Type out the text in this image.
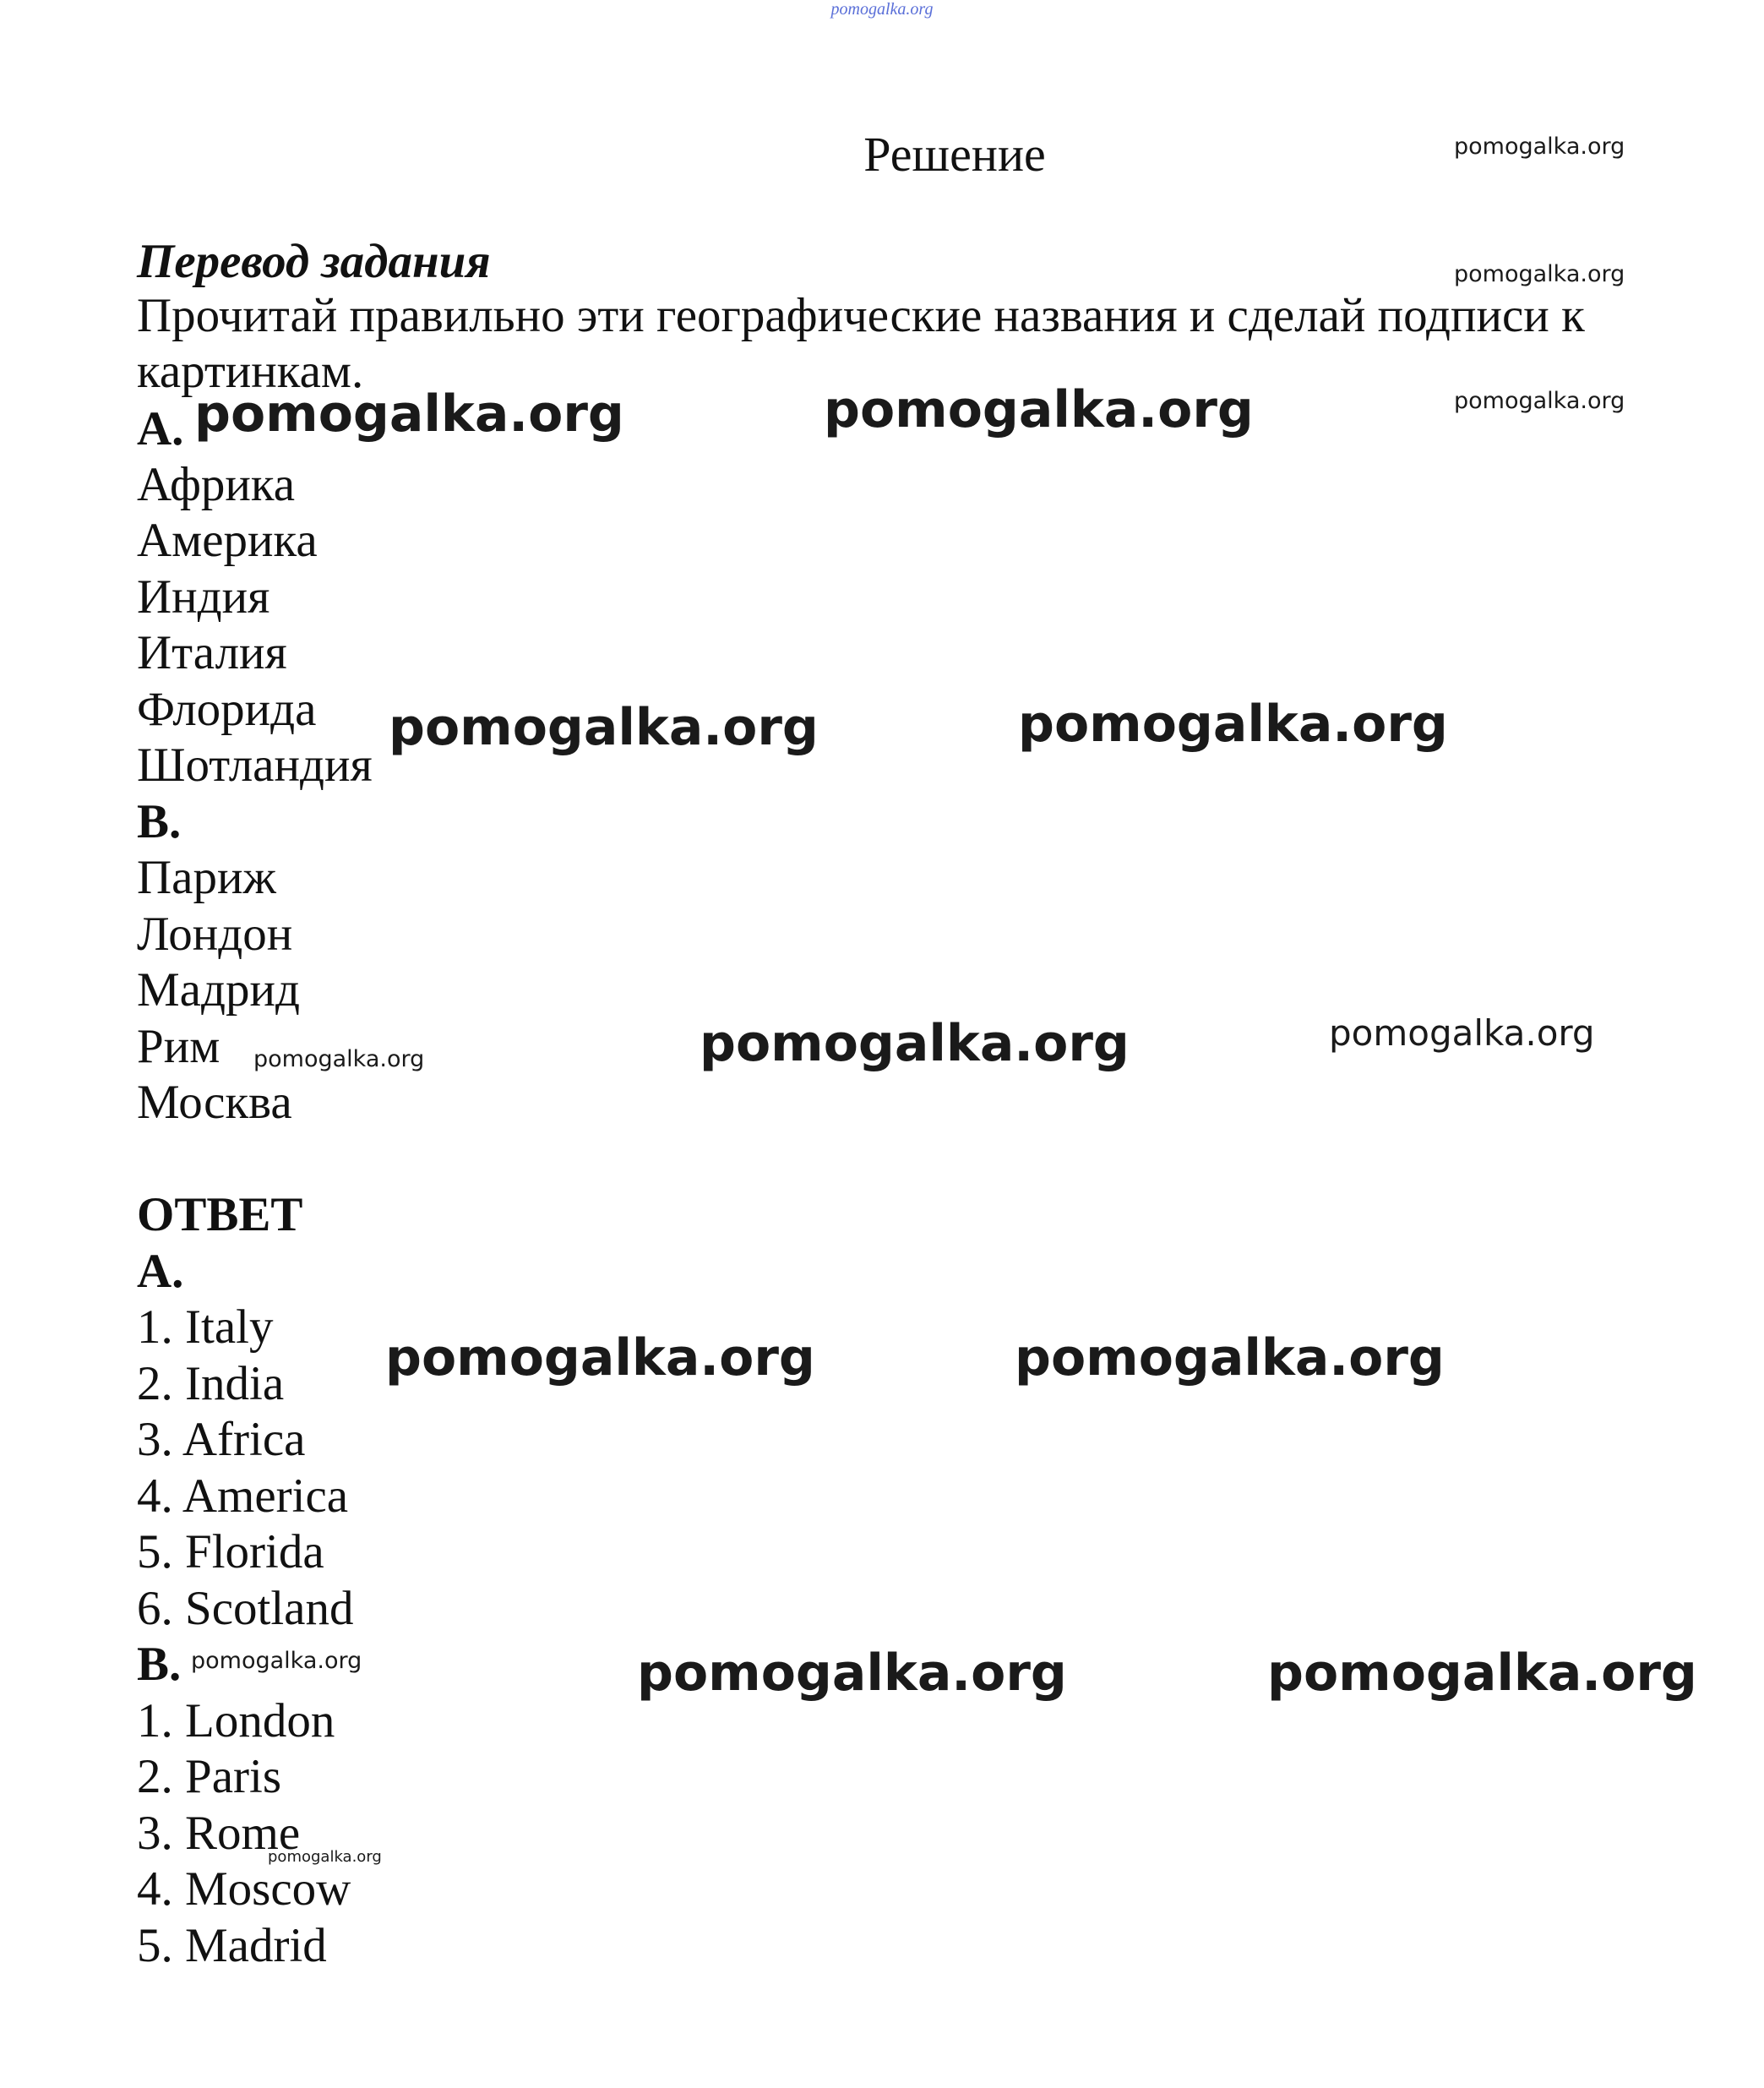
pomogalka.org
Решение
Перевод задания
Прочитай правильно эти географические названия и сделай подписи к картинкам.
A.
Африка
Америка
Индия
Италия
Флорида
Шотландия
B.
Париж
Лондон
Мадрид
Рим
Москва
ОТВЕТ
A.
1. Italy
2. India
3. Africa
4. America
5. Florida
6. Scotland
B.
1. London
2. Paris
3. Rome
4. Moscow
5. Madrid
pomogalka.org
pomogalka.org
pomogalka.org
pomogalka.org	pomogalka.org
pomogalka.org	pomogalka.org
pomogalka.org	pomogalka.org	pomogalka.org
pomogalka.org	pomogalka.org
pomogalka.org	pomogalka.org	pomogalka.org
pomogalka.org
